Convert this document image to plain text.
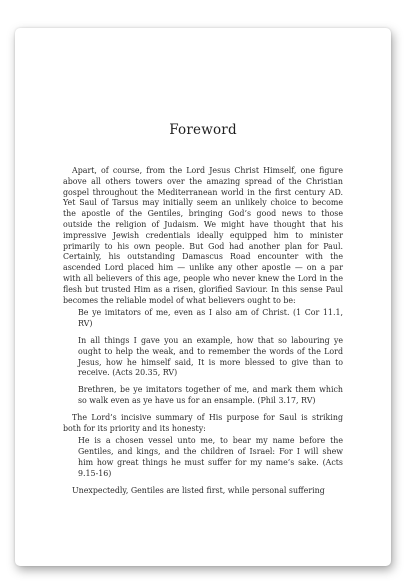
Foreword

Apart, of course, from the Lord Jesus Christ Himself, one figure above all others towers over the amazing spread of the Christian gospel throughout the Mediterranean world in the first century AD. Yet Saul of Tarsus may initially seem an unlikely choice to become the apostle of the Gentiles, bringing God’s good news to those outside the religion of Judaism. We might have thought that his impressive Jewish credentials ideally equipped him to minister primarily to his own people. But God had another plan for Paul. Certainly, his outstanding Damascus Road encounter with the ascended Lord placed him — unlike any other apostle — on a par with all believers of this age, people who never knew the Lord in the flesh but trusted Him as a risen, glorified Saviour. In this sense Paul becomes the reliable model of what believers ought to be:

Be ye imitators of me, even as I also am of Christ. (1 Cor 11.1, RV)

In all things I gave you an example, how that so labouring ye ought to help the weak, and to remember the words of the Lord Jesus, how he himself said, It is more blessed to give than to receive. (Acts 20.35, RV)

Brethren, be ye imitators together of me, and mark them which so walk even as ye have us for an ensample. (Phil 3.17, RV)

The Lord’s incisive summary of His purpose for Saul is striking both for its priority and its honesty:

He is a chosen vessel unto me, to bear my name before the Gentiles, and kings, and the children of Israel: For I will shew him how great things he must suffer for my name’s sake. (Acts 9.15-16)

Unexpectedly, Gentiles are listed first, while personal suffering
